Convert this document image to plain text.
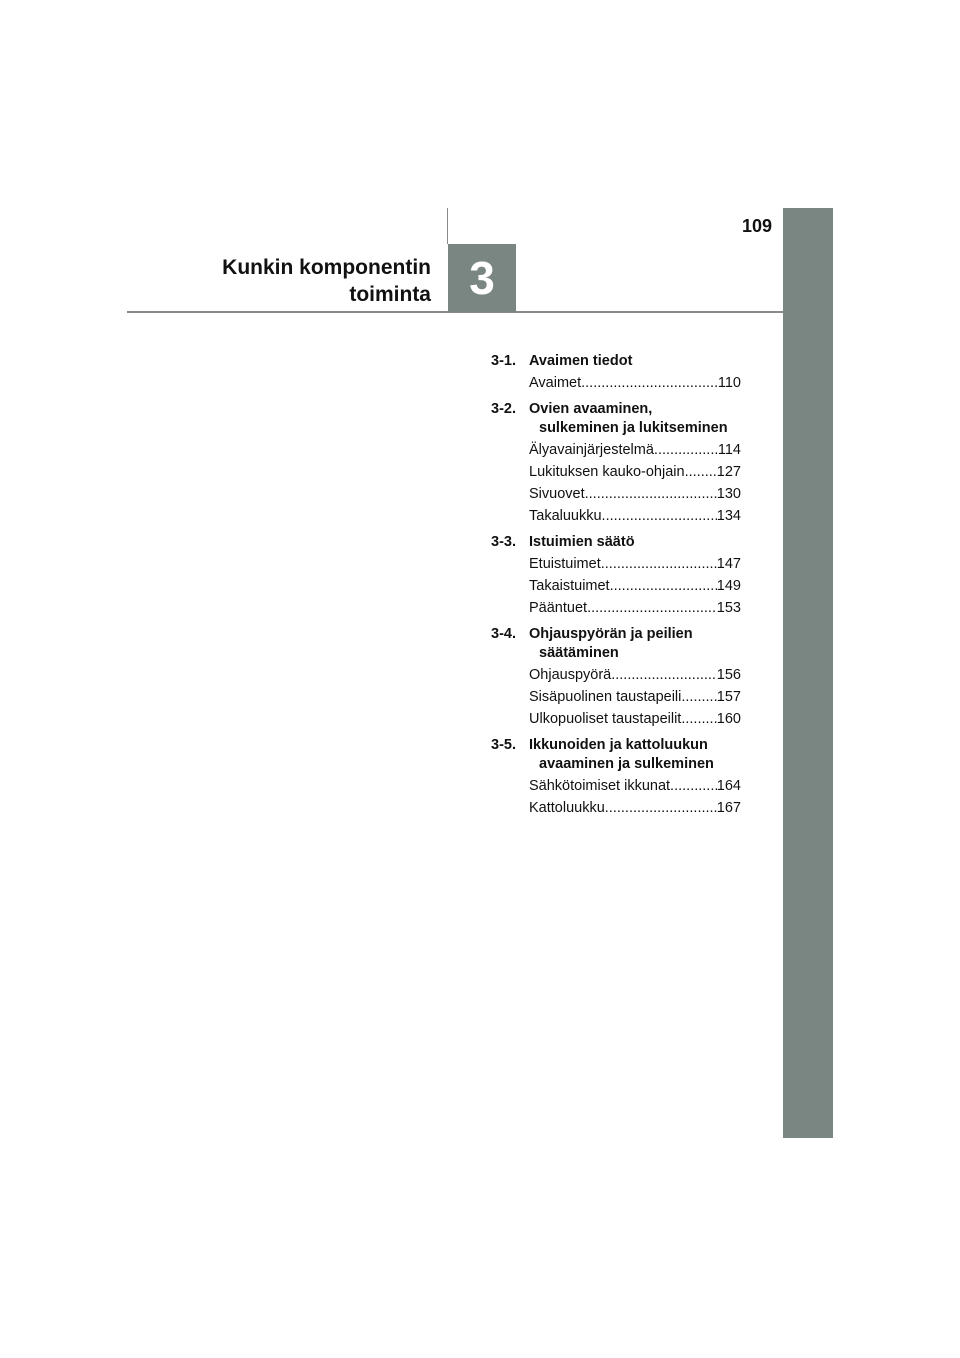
109
Kunkin komponentin
toiminta 3
3-1. Avaimen tiedot
Avaimet .....	110
3-2. Ovien avaaminen,
sulkeminen ja lukitseminen
Älyavainjärjestelmä .....	114
Lukituksen kauko-ohjain ..... 127
Sivuovet .....	130
Takaluukku .....	134
3-3. Istuimien säätö
Etuistuimet .....	147
Takaistuimet .....	149
Pääntuet .....	153
3-4. Ohjauspyörän ja peilien
säätäminen
Ohjauspyörä .....	156
Sisäpuolinen taustapeili ..... 157
Ulkopuoliset taustapeilit ..... 160
3-5. Ikkunoiden ja kattoluukun
avaaminen ja sulkeminen
Sähkötoimiset ikkunat .....	164
Kattoluukku .....	167
